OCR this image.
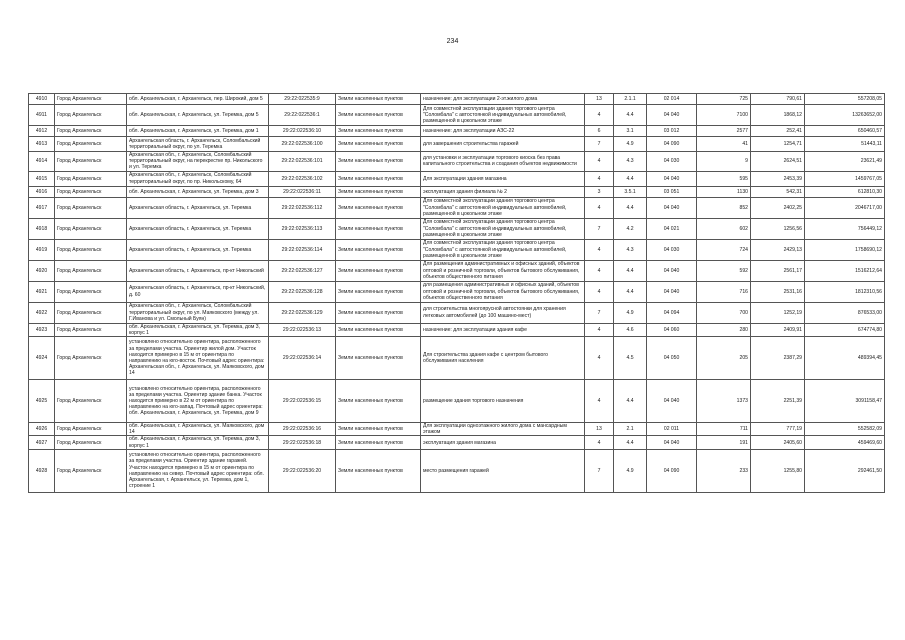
234
4910	Город Архангельск	обл. Архангельская, г. Архангельск, пер. Широкий, дом 5	29:22:022535:9	Земли населенных пунктов	назначение: для эксплуатации 2-эт.жилого дома	13	2.1.1	02 014	725	790,61	557208,05
4911	Город Архангельск	обл. Архангельская, г. Архангельск, ул. Теремка, дом 5	29:22:022536:1	Земли населенных пунктов	Для совместной эксплуатации здания торгового центра "Соломбала" с автостоянкой индивидуальных автомобилей, размещенной в цокольном этаже	4	4.4	04 040	7100	1868,12	13263652,00
4912	Город Архангельск	обл. Архангельская, г. Архангельск, ул. Теремка, дом 1	29:22:022536:10	Земли населенных пунктов	назначение: для эксплуатации АЗС-22	6	3.1	03 012	2577	252,41	650460,57
4913	Город Архангельск	Архангельская область, г. Архангельск, Соломбальский территориальный округ, по ул. Теремка	29:22:022536:100	Земли населенных пунктов	для завершения строительства гаражей	7	4.9	04 090	41	1254,71	51443,11
4914	Город Архангельск	Архангельская обл., г. Архангельск, Соломбальский территориальный округ, на перекрестке пр. Никольского и ул. Теремка	29:22:022536:101	Земли населенных пунктов	для установки и эксплуатации торгового киоска без права капитального строительства и создания объектов недвижимости	4	4.3	04 030	9	2624,51	23621,49
4915	Город Архангельск	Архангельская обл., г. Архангельск, Соломбальский территориальный округ, по пр. Никольскому, 64	29:22:022536:102	Земли населенных пунктов	Для эксплуатации здания магазина	4	4.4	04 040	595	2453,39	1459767,05
4916	Город Архангельск	обл. Архангельская, г. Архангельск, ул. Теремка, дом 3	29:22:022536:11	Земли населенных пунктов	эксплуатация здания филиала № 2	3	3.5.1	03 051	1130	542,31	612810,30
4917	Город Архангельск	Архангельская область, г. Архангельск, ул. Теремка	29:22:022536:112	Земли населенных пунктов	Для совместной эксплуатации здания торгового центра "Соломбала" с автостоянкой индивидуальных автомобилей, размещенной в цокольном этаже	4	4.4	04 040	852	2402,25	2046717,00
4918	Город Архангельск	Архангельская область, г. Архангельск, ул. Теремка	29:22:022536:113	Земли населенных пунктов	Для совместной эксплуатации здания торгового центра "Соломбала" с автостоянкой индивидуальных автомобилей, размещенной в цокольном этаже	7	4.2	04 021	602	1256,56	756449,12
4919	Город Архангельск	Архангельская область, г. Архангельск, ул. Теремка	29:22:022536:114	Земли населенных пунктов	Для совместной эксплуатации здания торгового центра "Соломбала" с автостоянкой индивидуальных автомобилей, размещенной в цокольном этаже	4	4.3	04 030	724	2429,13	1758690,12
4920	Город Архангельск	Архангельская область, г. Архангельск, пр-кт Никольский	29:22:022536:127	Земли населенных пунктов	Для размещения административных и офисных зданий, объектов оптовой и розничной торговли, объектов бытового обслуживания, объектов общественного питания	4	4.4	04 040	592	2561,17	1516212,64
4921	Город Архангельск	Архангельская область, г. Архангельск, пр-кт Никольский, д. 60	29:22:022536:128	Земли населенных пунктов	для размещения административных и офисных зданий, объектов оптовой и розничной торговли, объектов бытового обслуживания, объектов общественного питания	4	4.4	04 040	716	2531,16	1812310,56
4922	Город Архангельск	Архангельская обл., г. Архангельск, Соломбальский территориальный округ, по ул. Маяковского (между ул. Г.Иванова и ул. Смольный Буян)	29:22:022536:129	Земли населенных пунктов	для строительства многоярусной автостоянки для хранения легковых автомобилей (до 100 машино-мест)	7	4.9	04 094	700	1252,19	876533,00
4923	Город Архангельск	обл. Архангельская, г. Архангельск, ул. Теремка, дом 3, корпус 1	29:22:022536:13	Земли населенных пунктов	назначение: для эксплуатации здания кафе	4	4.6	04 060	280	2409,91	674774,80
4924	Город Архангельск	установлено относительно ориентира, расположенного за пределами участка. Ориентир жилой дом. Участок находится примерно в 15 м от ориентира по направлению на юго-восток. Почтовый адрес ориентира: Архангельская обл., г. Архангельск, ул. Маяковского, дом 14	29:22:022536:14	Земли населенных пунктов	Для строительства здания кафе с центром бытового обслуживания населения	4	4.5	04 050	205	2387,29	489394,45
4925	Город Архангельск	установлено относительно ориентира, расположенного за пределами участка. Ориентир здание банка. Участок находится примерно в 22 м от ориентира по направлению на юго-запад. Почтовый адрес ориентира: обл. Архангельская, г. Архангельск, ул. Теремка, дом 9	29:22:022536:15	Земли населенных пунктов	размещение здания торгового назначения	4	4.4	04 040	1373	2251,39	3091158,47
4926	Город Архангельск	обл. Архангельская, г. Архангельск, ул. Маяковского, дом 14	29:22:022536:16	Земли населенных пунктов	Для эксплуатации одноэтажного жилого дома с мансардным этажом	13	2.1	02 011	711	777,19	552582,09
4927	Город Архангельск	обл. Архангельская, г. Архангельск, ул. Теремка, дом 3, корпус 1	29:22:022536:18	Земли населенных пунктов	эксплуатация здания магазина	4	4.4	04 040	191	2405,60	459469,60
4928	Город Архангельск	установлено относительно ориентира, расположенного за пределами участка. Ориентир здание гаражей. Участок находится примерно в 15 м от ориентира по направлению на север. Почтовый адрес ориентира: обл. Архангельская, г. Архангельск, ул. Теремка, дом 1, строение 1	29:22:022536:20	Земли населенных пунктов	место размещения гаражей	7	4.9	04 090	233	1255,80	292461,50
